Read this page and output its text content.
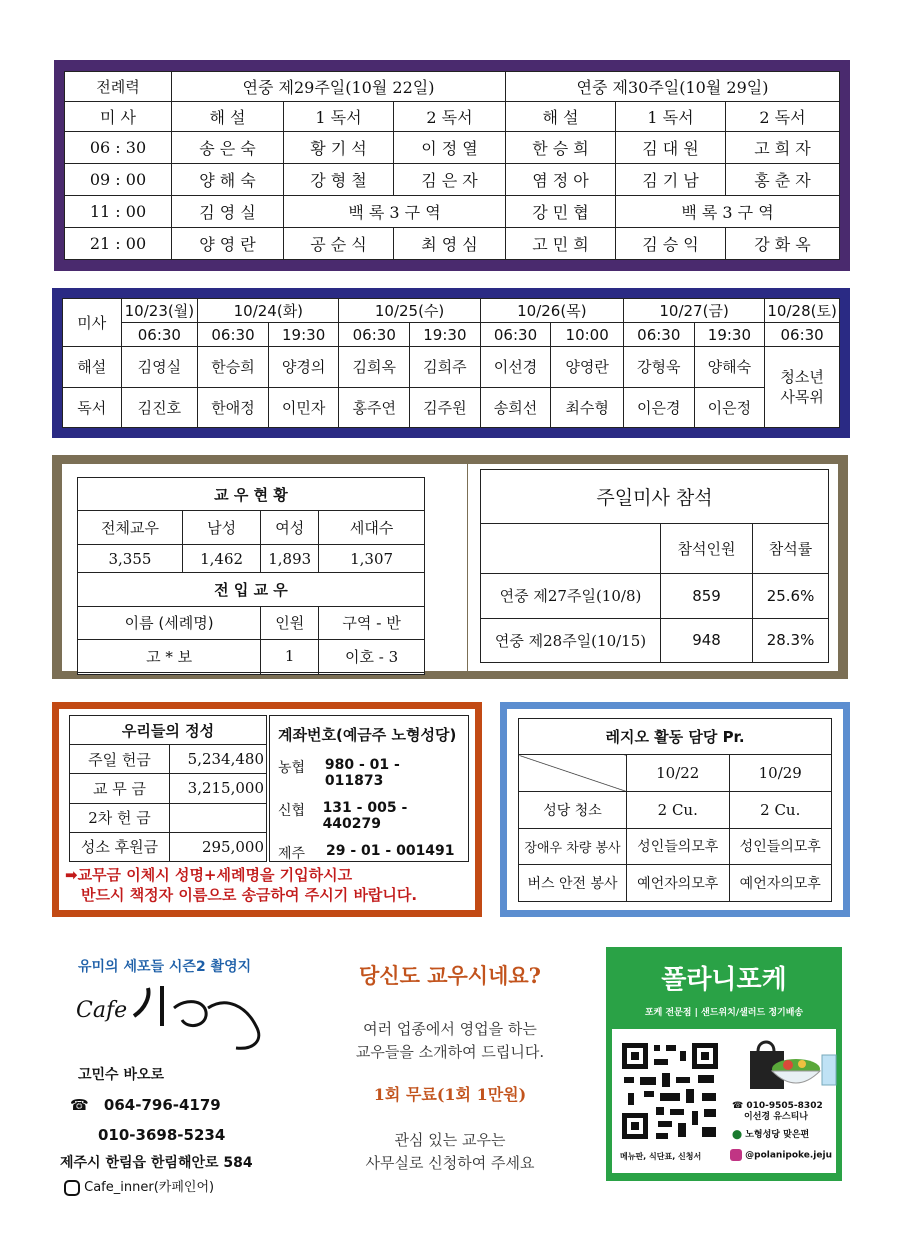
전례력	연중 제29주일(10월 22일)			연중 제30주일(10월 29일)		
미 사	해 설	1 독서	2 독서	해 설	1 독서	2 독서
06 : 30	송 은 숙	황 기 석	이 정 열	한 승 희	김 대 원	고 희 자
09 : 00	양 해 숙	강 형 철	김 은 자	염 정 아	김 기 남	홍 춘 자
11 : 00	김 영 실	백 록 3 구 역		강 민 협	백 록 3 구 역	
21 : 00	양 영 란	공 순 식	최 영 심	고 민 희	김 승 익	강 화 옥
미사	10/23(월)	10/24(화)		10/25(수)		10/26(목)		10/27(금)		10/28(토)
	06:30	06:30	19:30	06:30	19:30	06:30	10:00	06:30	19:30	06:30
해설	김영실	한승희	양경의	김희옥	김희주	이선경	양영란	강형욱	양해숙	청소년
사목위
독서	김진호	한애정	이민자	홍주연	김주원	송희선	최수형	이은경	이은정	
교 우 현 황			
전체교우	남성	여성	세대수
3,355	1,462	1,893	1,307
전 입 교 우			
이름 (세례명)		인원	구역 - 반
고 * 보		1	이호 - 3

주일미사 참석		
	참석인원	참석률
연중 제27주일(10/8)	859	25.6%
연중 제28주일(10/15)	948	28.3%
우리들의 정성	
주일 헌금	5,234,480
교 무 금	3,215,000
2차 헌 금	
성소 후원금	295,000
계좌번호(예금주 노형성당)
농협	980 - 01 - 011873
신협	131 - 005 - 440279
제주	29 - 01 - 001491
➡교무금 이체시 성명+세례명을 기입하시고
반드시 책정자 이름으로 송금하여 주시기 바랍니다.
레지오 활동 담당 Pr.		
	10/22	10/29
성당 청소	2 Cu.	2 Cu.
장애우 차량 봉사	성인들의모후	성인들의모후
버스 안전 봉사	예언자의모후	예언자의모후
유미의 세포들 시즌2 촬영지
Cafe
고민수 바오로
☎ 064-796-4179
010-3698-5234
제주시 한림읍 한림해안로 584
Cafe_inner(카페인어)
당신도 교우시네요?
여러 업종에서 영업을 하는
교우들을 소개하여 드립니다.
1회 무료(1회 1만원)
관심 있는 교우는
사무실로 신청하여 주세요
폴라니포케
포케 전문점 | 샌드위치/샐러드 정기배송
☎ 010-9505-8302
이선경 유스티나
⬤ 노형성당 맞은편
메뉴판, 식단표, 신청서	@polanipoke.jeju
